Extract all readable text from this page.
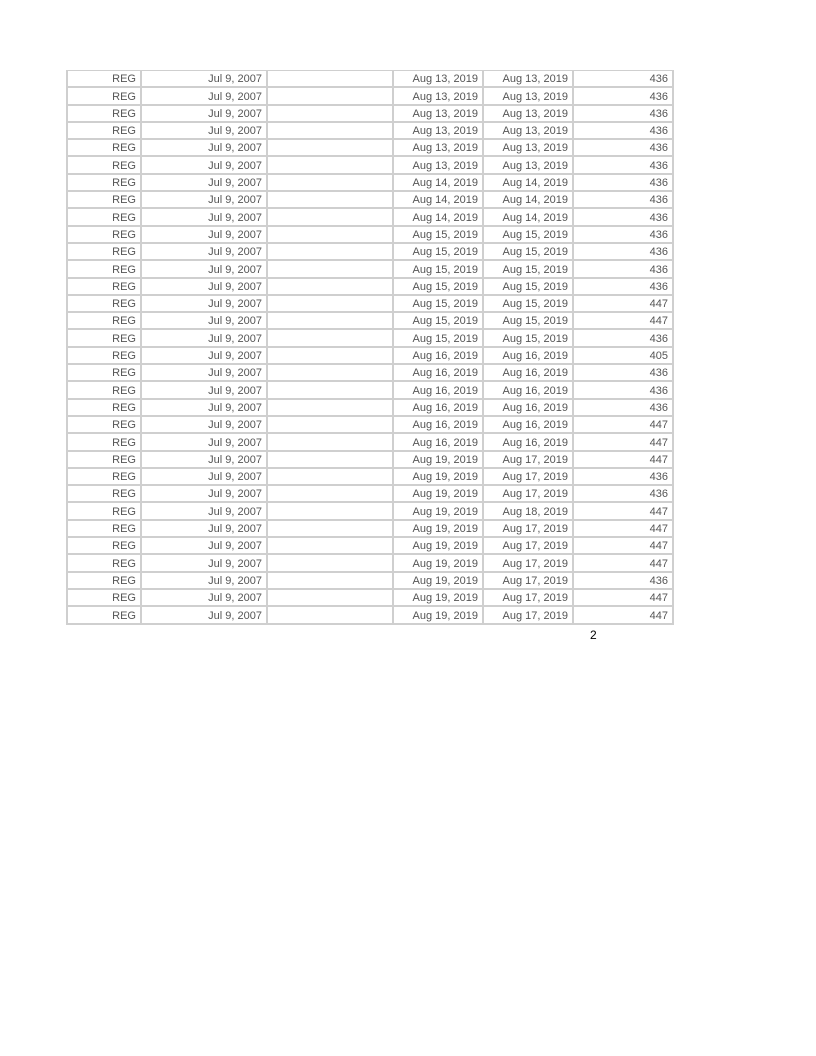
REG	Jul 9, 2007		Aug 13, 2019	Aug 13, 2019	436
REG	Jul 9, 2007		Aug 13, 2019	Aug 13, 2019	436
REG	Jul 9, 2007		Aug 13, 2019	Aug 13, 2019	436
REG	Jul 9, 2007		Aug 13, 2019	Aug 13, 2019	436
REG	Jul 9, 2007		Aug 13, 2019	Aug 13, 2019	436
REG	Jul 9, 2007		Aug 13, 2019	Aug 13, 2019	436
REG	Jul 9, 2007		Aug 14, 2019	Aug 14, 2019	436
REG	Jul 9, 2007		Aug 14, 2019	Aug 14, 2019	436
REG	Jul 9, 2007		Aug 14, 2019	Aug 14, 2019	436
REG	Jul 9, 2007		Aug 15, 2019	Aug 15, 2019	436
REG	Jul 9, 2007		Aug 15, 2019	Aug 15, 2019	436
REG	Jul 9, 2007		Aug 15, 2019	Aug 15, 2019	436
REG	Jul 9, 2007		Aug 15, 2019	Aug 15, 2019	436
REG	Jul 9, 2007		Aug 15, 2019	Aug 15, 2019	447
REG	Jul 9, 2007		Aug 15, 2019	Aug 15, 2019	447
REG	Jul 9, 2007		Aug 15, 2019	Aug 15, 2019	436
REG	Jul 9, 2007		Aug 16, 2019	Aug 16, 2019	405
REG	Jul 9, 2007		Aug 16, 2019	Aug 16, 2019	436
REG	Jul 9, 2007		Aug 16, 2019	Aug 16, 2019	436
REG	Jul 9, 2007		Aug 16, 2019	Aug 16, 2019	436
REG	Jul 9, 2007		Aug 16, 2019	Aug 16, 2019	447
REG	Jul 9, 2007		Aug 16, 2019	Aug 16, 2019	447
REG	Jul 9, 2007		Aug 19, 2019	Aug 17, 2019	447
REG	Jul 9, 2007		Aug 19, 2019	Aug 17, 2019	436
REG	Jul 9, 2007		Aug 19, 2019	Aug 17, 2019	436
REG	Jul 9, 2007		Aug 19, 2019	Aug 18, 2019	447
REG	Jul 9, 2007		Aug 19, 2019	Aug 17, 2019	447
REG	Jul 9, 2007		Aug 19, 2019	Aug 17, 2019	447
REG	Jul 9, 2007		Aug 19, 2019	Aug 17, 2019	447
REG	Jul 9, 2007		Aug 19, 2019	Aug 17, 2019	436
REG	Jul 9, 2007		Aug 19, 2019	Aug 17, 2019	447
REG	Jul 9, 2007		Aug 19, 2019	Aug 17, 2019	447
2
